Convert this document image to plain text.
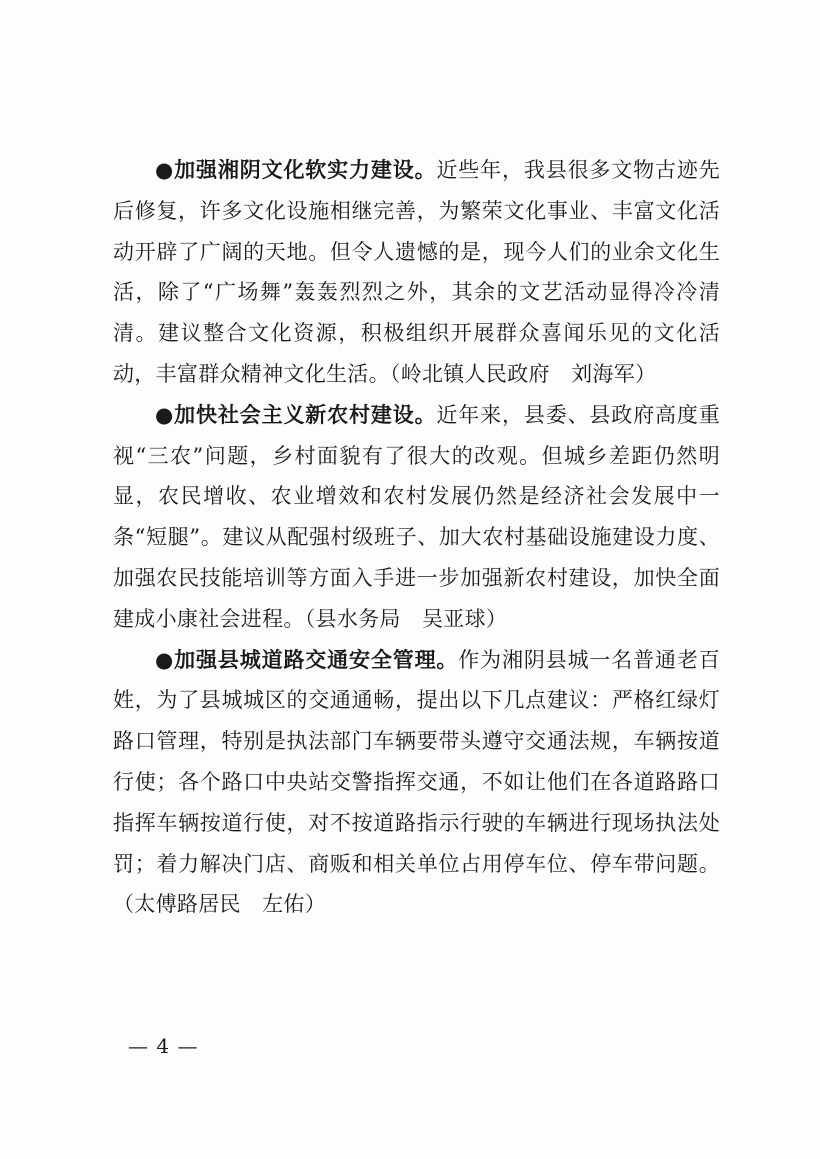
●加强湘阴文化软实力建设。近些年，我县很多文物古迹先后修复，许多文化设施相继完善，为繁荣文化事业、丰富文化活动开辟了广阔的天地。但令人遗憾的是，现今人们的业余文化生活，除了“广场舞”轰轰烈烈之外，其余的文艺活动显得冷冷清清。建议整合文化资源，积极组织开展群众喜闻乐见的文化活动，丰富群众精神文化生活。（岭北镇人民政府　刘海军）

●加快社会主义新农村建设。近年来，县委、县政府高度重视“三农”问题，乡村面貌有了很大的改观。但城乡差距仍然明显，农民增收、农业增效和农村发展仍然是经济社会发展中一条“短腿”。建议从配强村级班子、加大农村基础设施建设力度、加强农民技能培训等方面入手进一步加强新农村建设，加快全面建成小康社会进程。（县水务局　吴亚球）

●加强县城道路交通安全管理。作为湘阴县城一名普通老百姓，为了县城城区的交通通畅，提出以下几点建议：严格红绿灯路口管理，特别是执法部门车辆要带头遵守交通法规，车辆按道行使；各个路口中央站交警指挥交通，不如让他们在各道路路口指挥车辆按道行使，对不按道路指示行驶的车辆进行现场执法处罚；着力解决门店、商贩和相关单位占用停车位、停车带问题。（太傅路居民　左佑）

— 4 —
